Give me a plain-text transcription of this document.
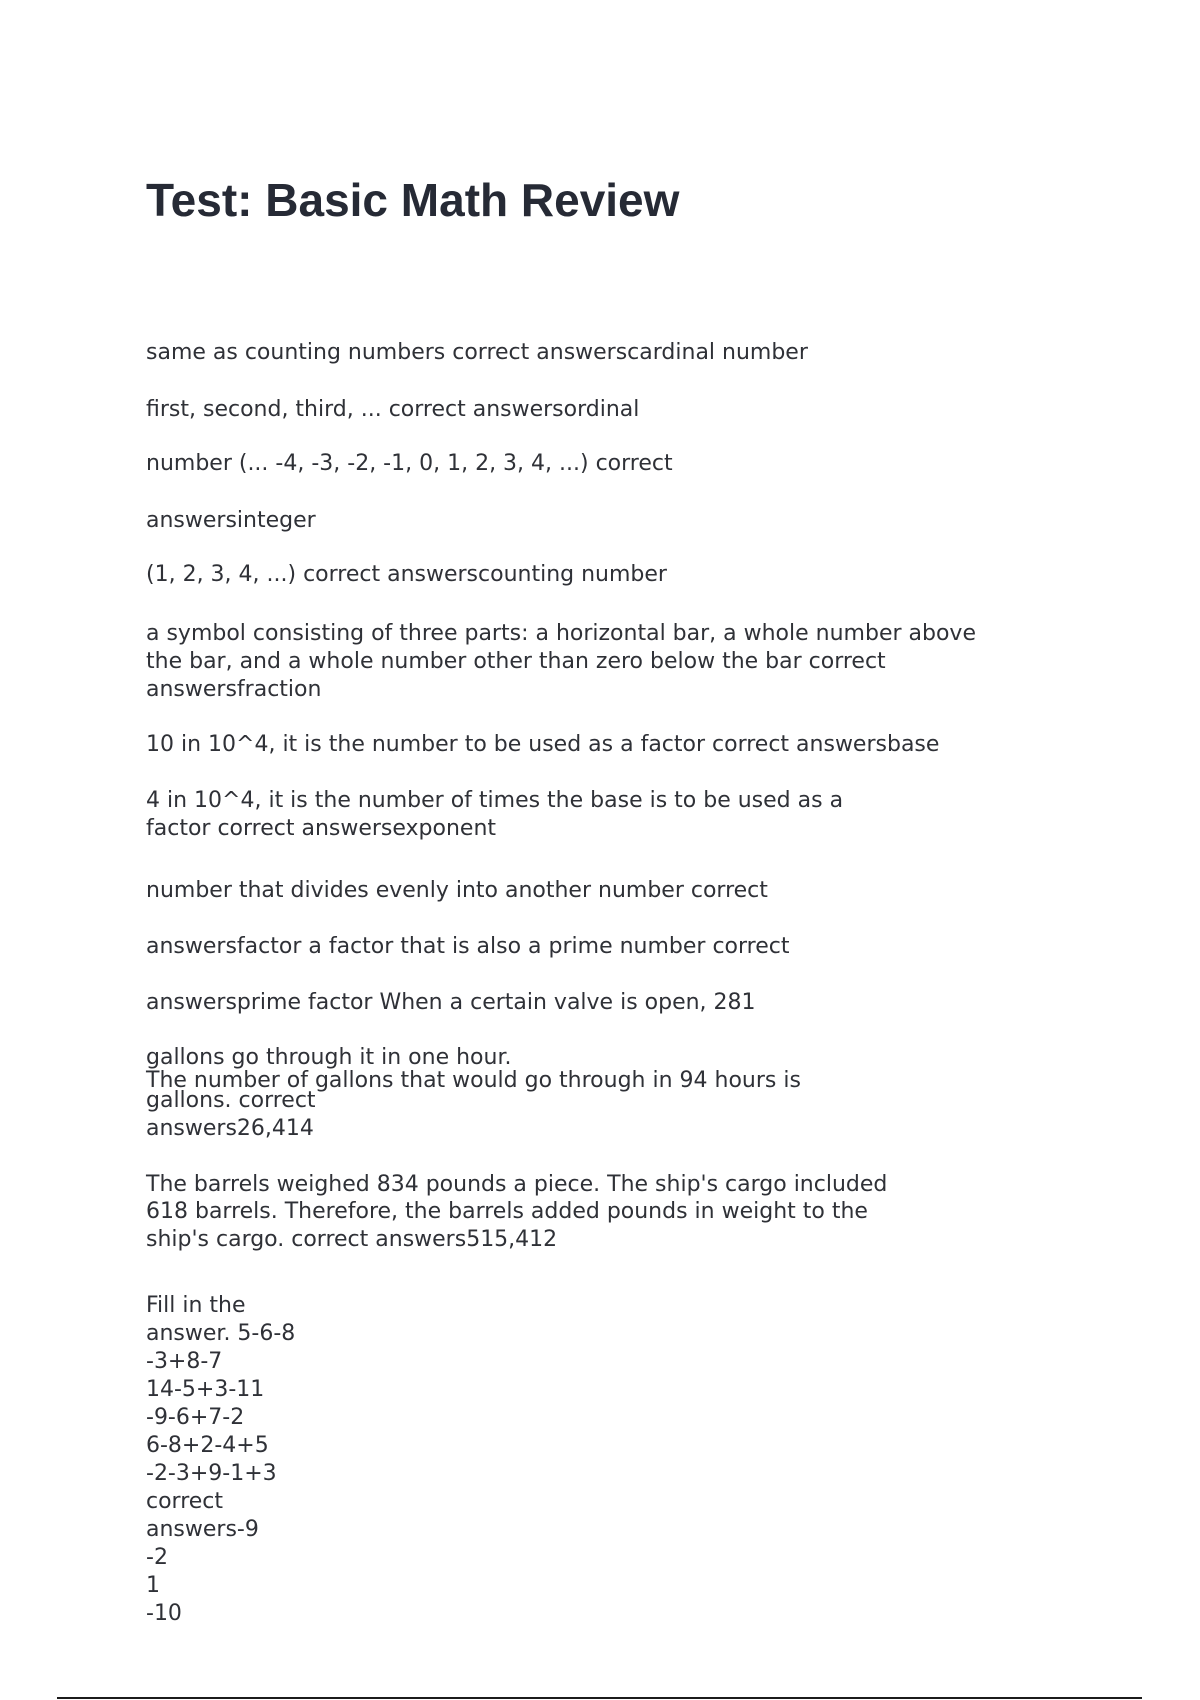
Test: Basic Math Review

same as counting numbers correct answerscardinal number

first, second, third, ... correct answersordinal

number (... -4, -3, -2, -1, 0, 1, 2, 3, 4, ...) correct

answersinteger

(1, 2, 3, 4, ...) correct answerscounting number

a symbol consisting of three parts: a horizontal bar, a whole number above

the bar, and a whole number other than zero below the bar correct

answersfraction

10 in 10^4, it is the number to be used as a factor correct answersbase

4 in 10^4, it is the number of times the base is to be used as a

factor correct answersexponent

number that divides evenly into another number correct

answersfactor a factor that is also a prime number correct

answersprime factor When a certain valve is open, 281

gallons go through it in one hour.

The number of gallons that would go through in 94 hours is

gallons. correct

answers26,414

The barrels weighed 834 pounds a piece. The ship's cargo included

618 barrels. Therefore, the barrels added pounds in weight to the

ship's cargo. correct answers515,412

Fill in the

answer. 5-6-8

-3+8-7

14-5+3-11

-9-6+7-2

6-8+2-4+5

-2-3+9-1+3

correct

answers-9

-2

1

-10
